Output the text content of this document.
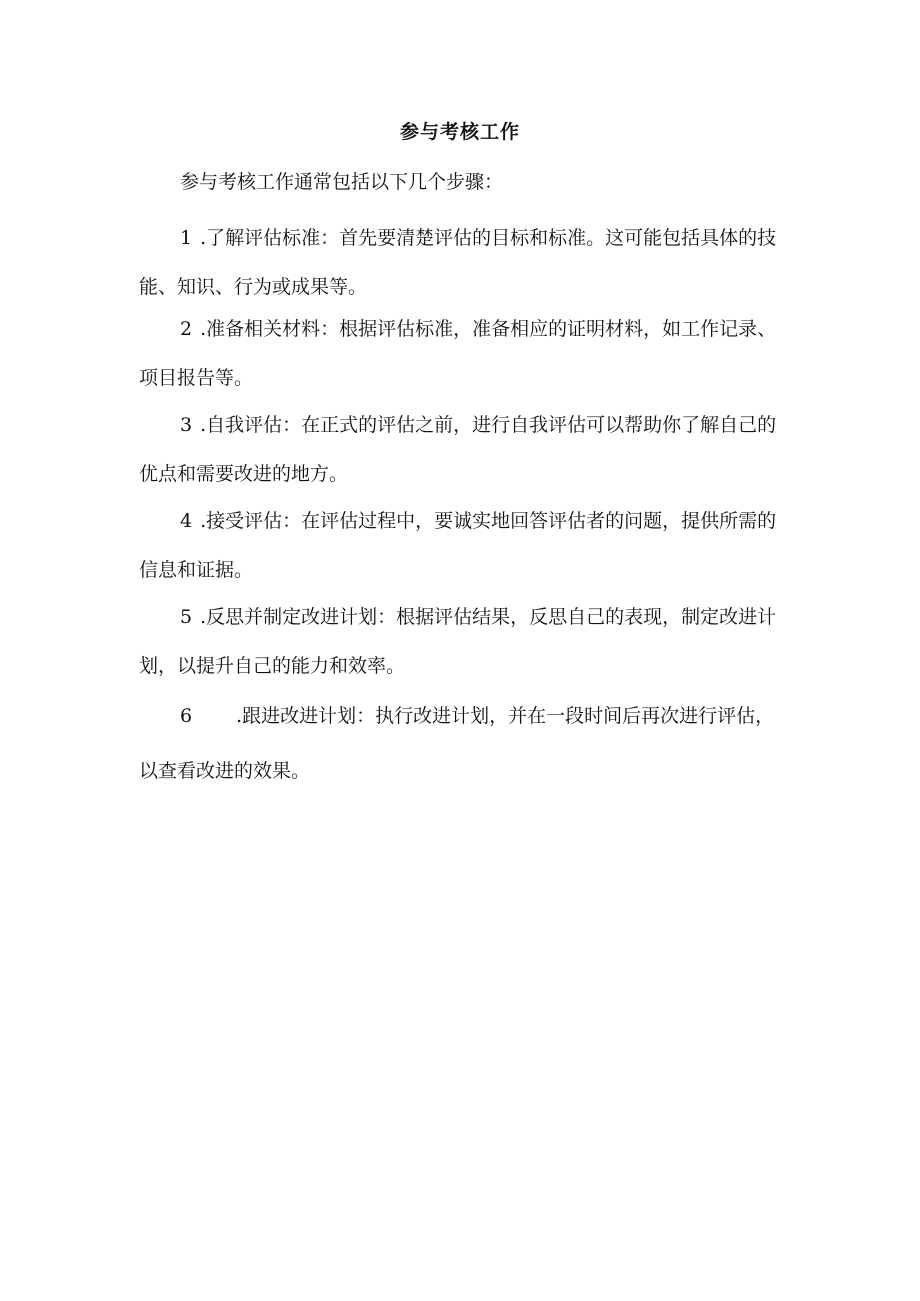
参与考核工作

参与考核工作通常包括以下几个步骤：

1 .了解评估标准：首先要清楚评估的目标和标准。这可能包括具体的技能、知识、行为或成果等。

2 .准备相关材料：根据评估标准，准备相应的证明材料，如工作记录、项目报告等。

3 .自我评估：在正式的评估之前，进行自我评估可以帮助你了解自己的优点和需要改进的地方。

4 .接受评估：在评估过程中，要诚实地回答评估者的问题，提供所需的信息和证据。

5 .反思并制定改进计划：根据评估结果，反思自己的表现，制定改进计划，以提升自己的能力和效率。

6 .跟进改进计划：执行改进计划，并在一段时间后再次进行评估，以查看改进的效果。
